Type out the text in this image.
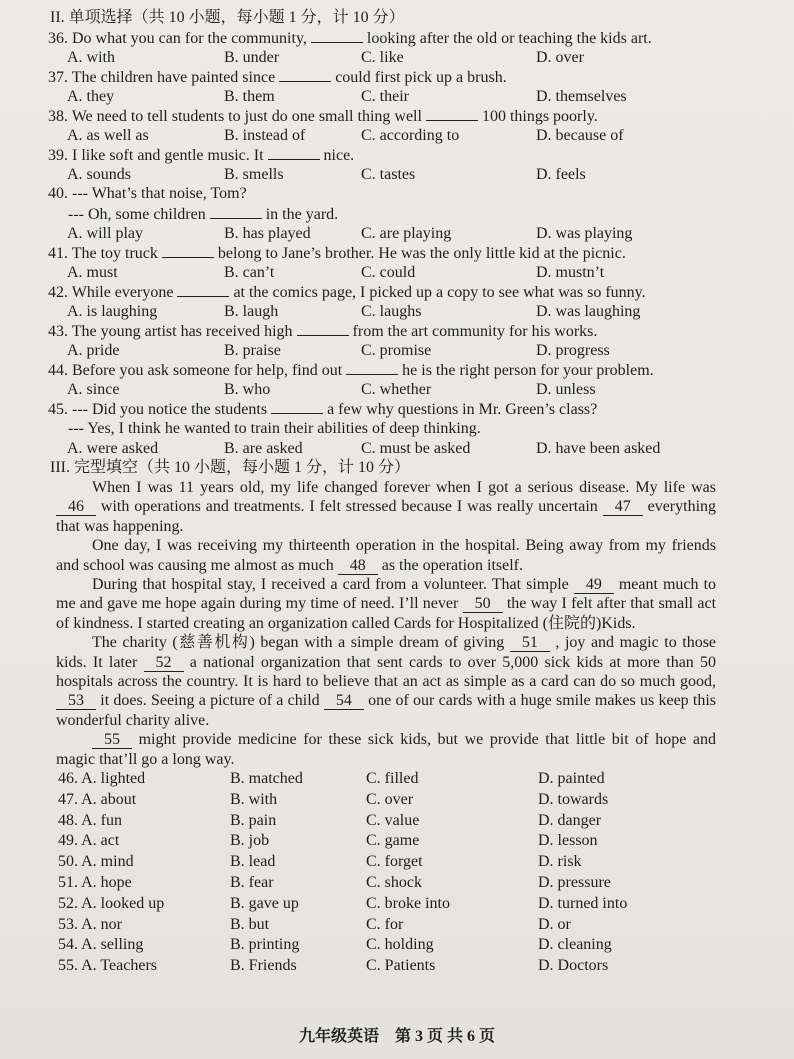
II. 单项选择（共 10 小题，每小题 1 分，计 10 分）
36. Do what you can for the community,	looking after the old or teaching the kids art.
A. with	B. under	C. like	D. over
37. The children have painted since	could first pick up a brush.
A. they	B. them	C. their	D. themselves
38. We need to tell students to just do one small thing well	100 things poorly.
A. as well as	B. instead of	C. according to	D. because of
39. I like soft and gentle music. It	nice.
A. sounds	B. smells	C. tastes	D. feels
40. --- What’s that noise, Tom?
--- Oh, some children	in the yard.
A. will play	B. has played	C. are playing	D. was playing
41. The toy truck	belong to Jane’s brother. He was the only little kid at the picnic.
A. must	B. can’t	C. could	D. mustn’t
42. While everyone	at the comics page, I picked up a copy to see what was so funny.
A. is laughing	B. laugh	C. laughs	D. was laughing
43. The young artist has received high	from the art community for his works.
A. pride	B. praise	C. promise	D. progress
44. Before you ask someone for help, find out	he is the right person for your problem.
A. since	B. who	C. whether	D. unless
45. --- Did you notice the students	a few why questions in Mr. Green’s class?
--- Yes, I think he wanted to train their abilities of deep thinking.
A. were asked	B. are asked	C. must be asked	D. have been asked
III. 完型填空（共 10 小题，每小题 1 分，计 10 分）

When I was 11 years old, my life changed forever when I got a serious disease. My life was 46 with operations and treatments. I felt stressed because I was really uncertain 47 everything that was happening.

One day, I was receiving my thirteenth operation in the hospital. Being away from my friends and school was causing me almost as much 48 as the operation itself.

During that hospital stay, I received a card from a volunteer. That simple 49 meant much to me and gave me hope again during my time of need. I’ll never 50 the way I felt after that small act of kindness. I started creating an organization called Cards for Hospitalized (住院的)Kids.

The charity (慈善机构) began with a simple dream of giving 51 , joy and magic to those kids. It later 52 a national organization that sent cards to over 5,000 sick kids at more than 50 hospitals across the country. It is hard to believe that an act as simple as a card can do so much good, 53 it does. Seeing a picture of a child 54 one of our cards with a huge smile makes us keep this wonderful charity alive.

55 might provide medicine for these sick kids, but we provide that little bit of hope and magic that’ll go a long way.

46. A. lighted	B. matched	C. filled	D. painted
47. A. about	B. with	C. over	D. towards
48. A. fun	B. pain	C. value	D. danger
49. A. act	B. job	C. game	D. lesson
50. A. mind	B. lead	C. forget	D. risk
51. A. hope	B. fear	C. shock	D. pressure
52. A. looked up	B. gave up	C. broke into	D. turned into
53. A. nor	B. but	C. for	D. or
54. A. selling	B. printing	C. holding	D. cleaning
55. A. Teachers	B. Friends	C. Patients	D. Doctors
九年级英语　第 3 页 共 6 页
